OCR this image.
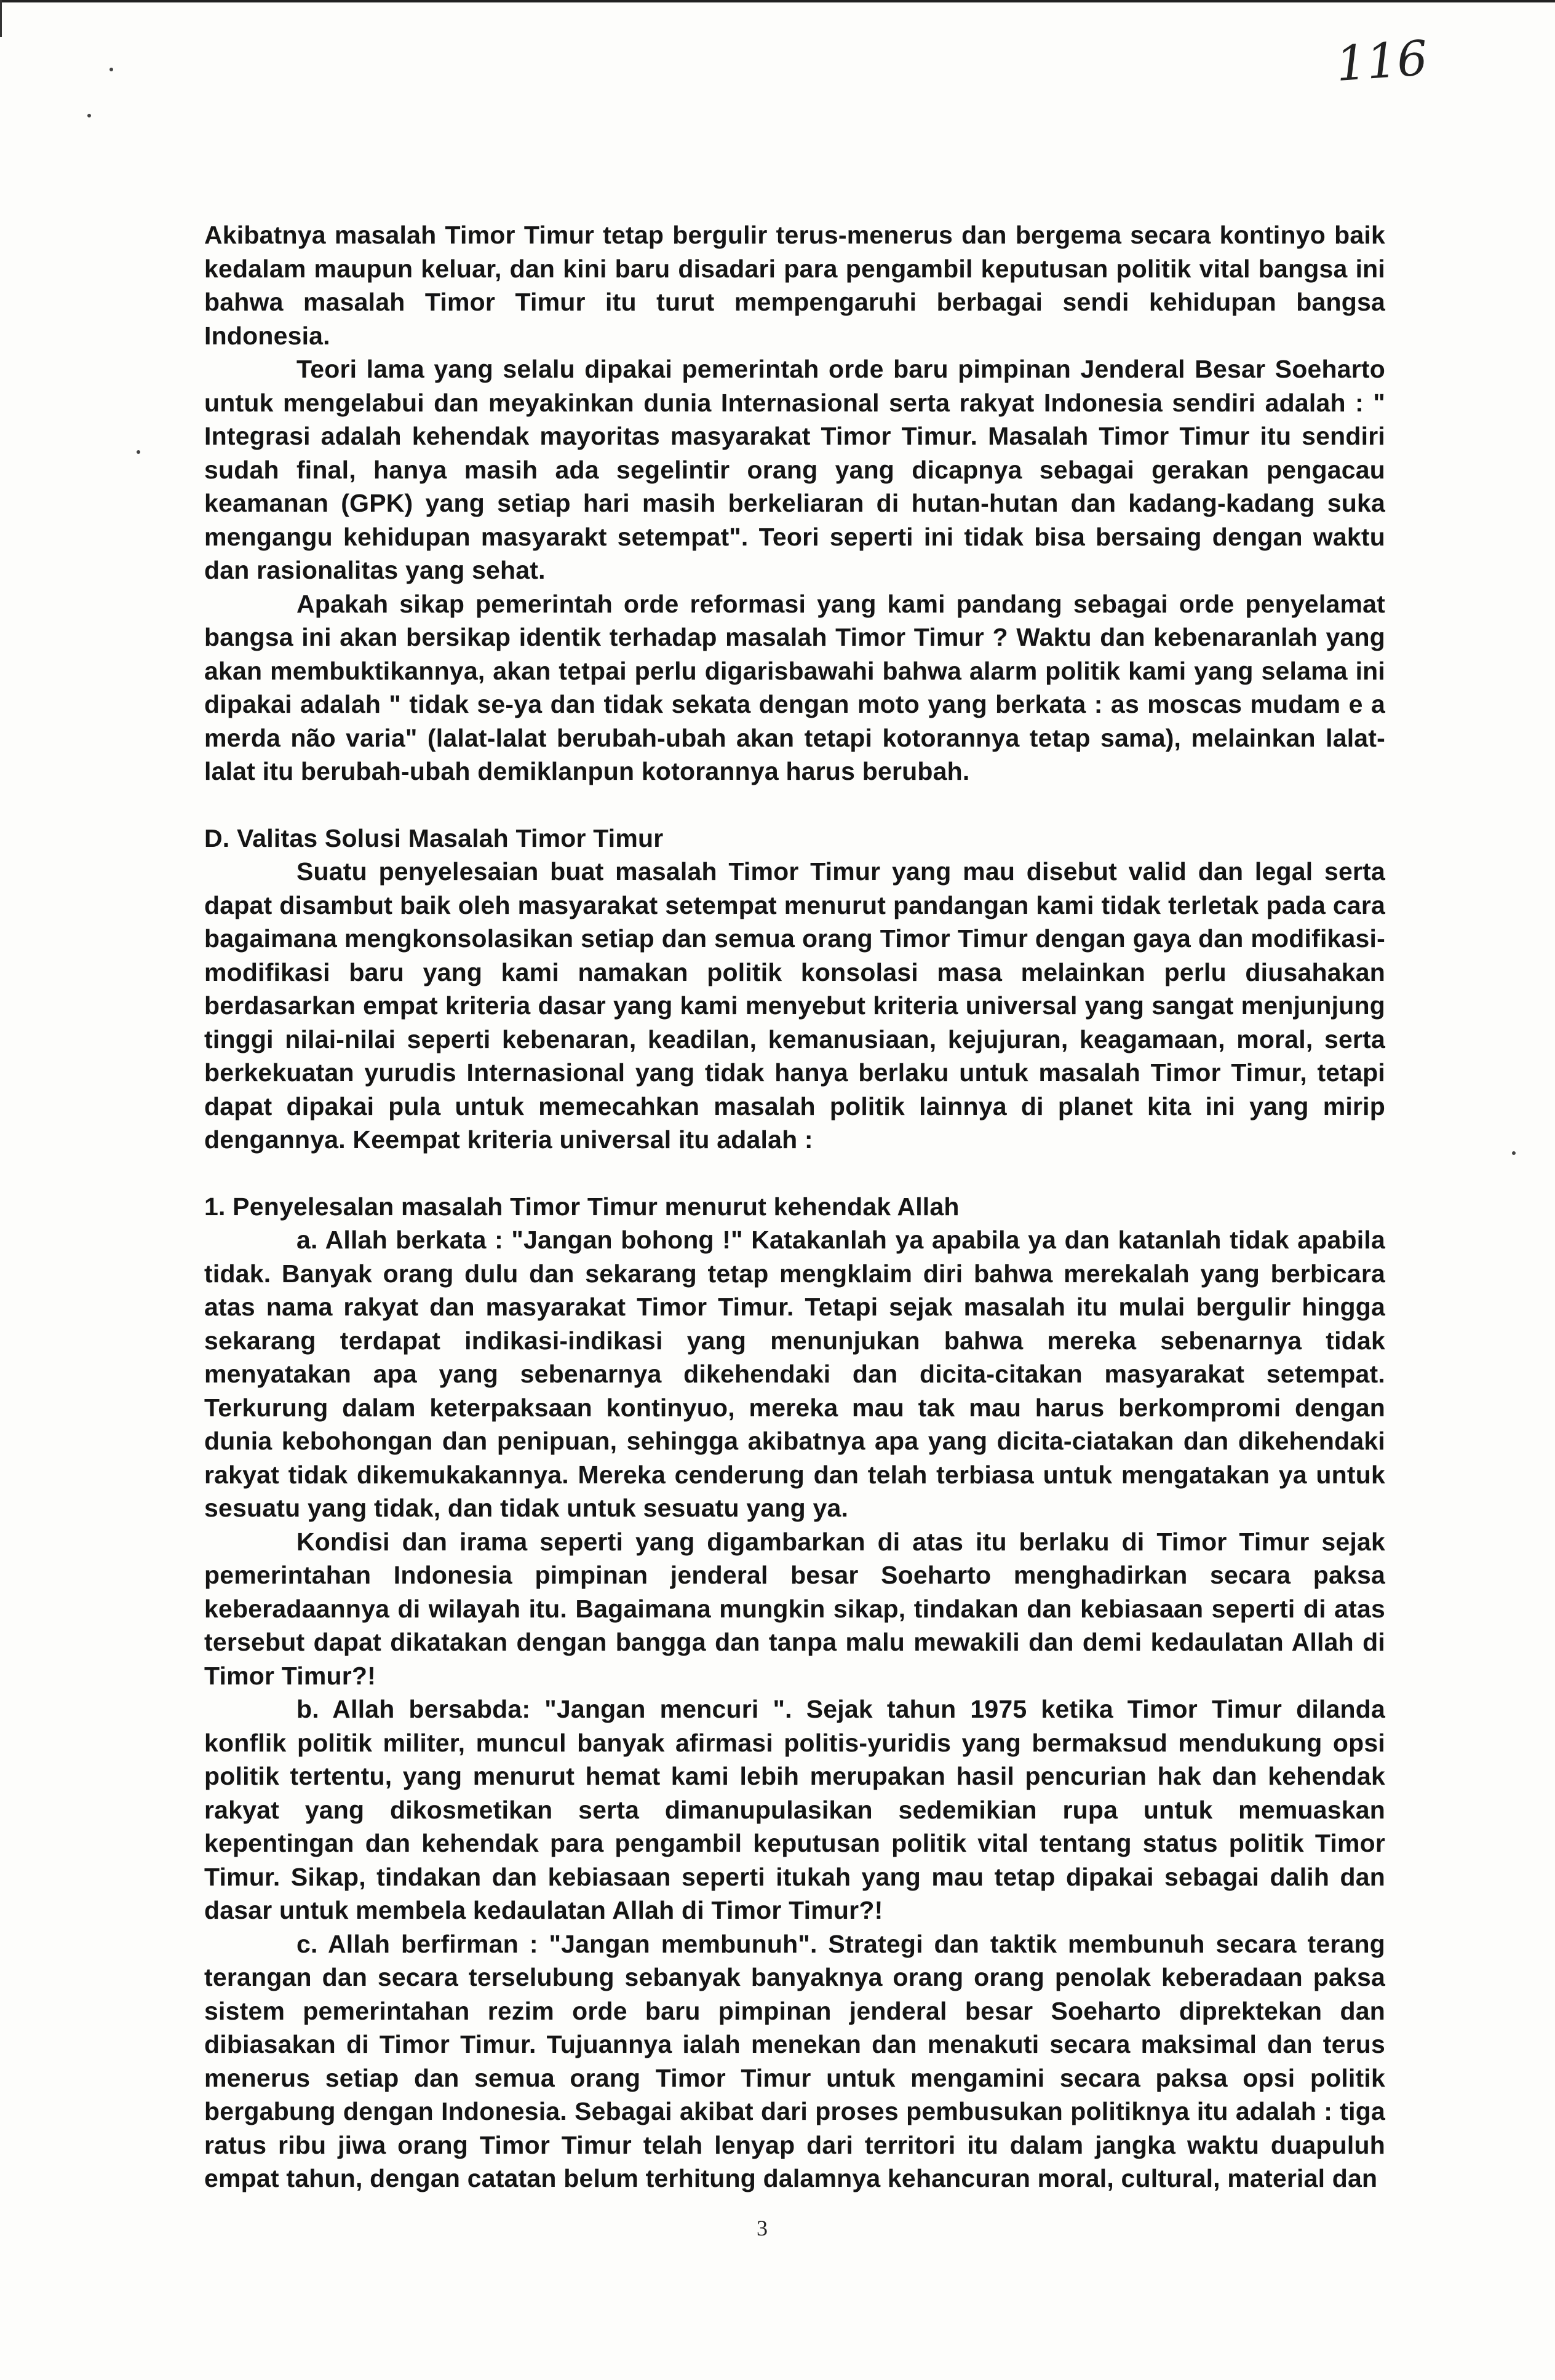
116

Akibatnya masalah Timor Timur tetap bergulir terus-menerus dan bergema secara kontinyo baik kedalam maupun keluar, dan kini baru disadari para pengambil keputusan politik vital bangsa ini bahwa masalah Timor Timur itu turut mempengaruhi berbagai sendi kehidupan bangsa Indonesia.

Teori lama yang selalu dipakai pemerintah orde baru pimpinan Jenderal Besar Soeharto untuk mengelabui dan meyakinkan dunia Internasional serta rakyat Indonesia sendiri adalah : " Integrasi adalah kehendak mayoritas masyarakat Timor Timur. Masalah Timor Timur itu sendiri sudah final, hanya masih ada segelintir orang yang dicapnya sebagai gerakan pengacau keamanan (GPK) yang setiap hari masih berkeliaran di hutan-hutan dan kadang-kadang suka mengangu kehidupan masyarakt setempat". Teori seperti ini tidak bisa bersaing dengan waktu dan rasionalitas yang sehat.

Apakah sikap pemerintah orde reformasi yang kami pandang sebagai orde penyelamat bangsa ini akan bersikap identik terhadap masalah Timor Timur ? Waktu dan kebenaranlah yang akan membuktikannya, akan tetpai perlu digarisbawahi bahwa alarm politik kami yang selama ini dipakai adalah " tidak se-ya dan tidak sekata dengan moto yang berkata : as moscas mudam e a merda não varia" (lalat-lalat berubah-ubah akan tetapi kotorannya tetap sama), melainkan lalat-lalat itu berubah-ubah demiklanpun kotorannya harus berubah.

D. Valitas Solusi Masalah Timor Timur

Suatu penyelesaian buat masalah Timor Timur yang mau disebut valid dan legal serta dapat disambut baik oleh masyarakat setempat menurut pandangan kami tidak terletak pada cara bagaimana mengkonsolasikan setiap dan semua orang Timor Timur dengan gaya dan modifikasi-modifikasi baru yang kami namakan politik konsolasi masa melainkan perlu diusahakan berdasarkan empat kriteria dasar yang kami menyebut kriteria universal yang sangat menjunjung tinggi nilai-nilai seperti kebenaran, keadilan, kemanusiaan, kejujuran, keagamaan, moral, serta berkekuatan yurudis Internasional yang tidak hanya berlaku untuk masalah Timor Timur, tetapi dapat dipakai pula untuk memecahkan masalah politik lainnya di planet kita ini yang mirip dengannya. Keempat kriteria universal itu adalah :

1. Penyelesalan masalah Timor Timur menurut kehendak Allah

a. Allah berkata : "Jangan bohong !" Katakanlah ya apabila ya dan katanlah tidak apabila tidak. Banyak orang dulu dan sekarang tetap mengklaim diri bahwa merekalah yang berbicara atas nama rakyat dan masyarakat Timor Timur. Tetapi sejak masalah itu mulai bergulir hingga sekarang terdapat indikasi-indikasi yang menunjukan bahwa mereka sebenarnya tidak menyatakan apa yang sebenarnya dikehendaki dan dicita-citakan masyarakat setempat. Terkurung dalam keterpaksaan kontinyuo, mereka mau tak mau harus berkompromi dengan dunia kebohongan dan penipuan, sehingga akibatnya apa yang dicita-ciatakan dan dikehendaki rakyat tidak dikemukakannya. Mereka cenderung dan telah terbiasa untuk mengatakan ya untuk sesuatu yang tidak, dan tidak untuk sesuatu yang ya.

Kondisi dan irama seperti yang digambarkan di atas itu berlaku di Timor Timur sejak pemerintahan Indonesia pimpinan jenderal besar Soeharto menghadirkan secara paksa keberadaannya di wilayah itu. Bagaimana mungkin sikap, tindakan dan kebiasaan seperti di atas tersebut dapat dikatakan dengan bangga dan tanpa malu mewakili dan demi kedaulatan Allah di Timor Timur?!

b. Allah bersabda: "Jangan mencuri ". Sejak tahun 1975 ketika Timor Timur dilanda konflik politik militer, muncul banyak afirmasi politis-yuridis yang bermaksud mendukung opsi politik tertentu, yang menurut hemat kami lebih merupakan hasil pencurian hak dan kehendak rakyat yang dikosmetikan serta dimanupulasikan sedemikian rupa untuk memuaskan kepentingan dan kehendak para pengambil keputusan politik vital tentang status politik Timor Timur. Sikap, tindakan dan kebiasaan seperti itukah yang mau tetap dipakai sebagai dalih dan dasar untuk membela kedaulatan Allah di Timor Timur?!

c. Allah berfirman : "Jangan membunuh". Strategi dan taktik membunuh secara terang terangan dan secara terselubung sebanyak banyaknya orang orang penolak keberadaan paksa sistem pemerintahan rezim orde baru pimpinan jenderal besar Soeharto diprektekan dan dibiasakan di Timor Timur. Tujuannya ialah menekan dan menakuti secara maksimal dan terus menerus setiap dan semua orang Timor Timur untuk mengamini secara paksa opsi politik bergabung dengan Indonesia. Sebagai akibat dari proses pembusukan politiknya itu adalah : tiga ratus ribu jiwa orang Timor Timur telah lenyap dari territori itu dalam jangka waktu duapuluh empat tahun, dengan catatan belum terhitung dalamnya kehancuran moral, cultural, material dan

3
